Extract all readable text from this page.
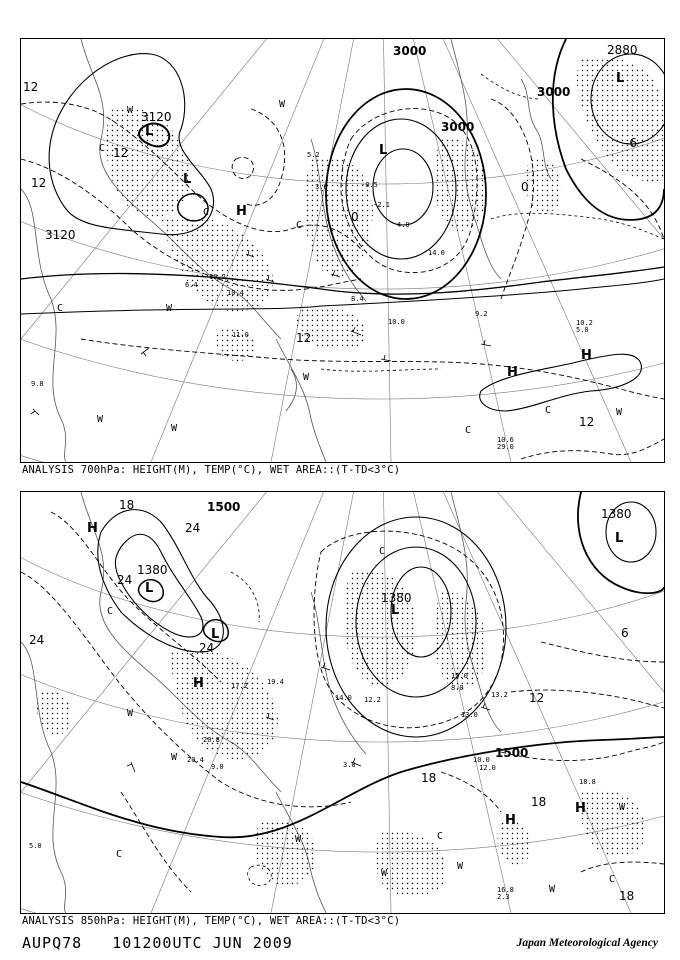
3120
3120
3000
3000
2880
3000
12
12
12
12
0
0
-6
12
L
L
L
L
H
H
H
W
W
W
W
W
W
W
C
C
C
C
C
C
5.2
3.6
-2.1
-0.5
10.2
8.4
9.2
10.2
10.0
11.0
9.8
10.6
14.0
6.4
4.0
10.4
5.0
29.0
ANALYSIS 700hPa: HEIGHT(M), TEMP(°C), WET AREA::(T-TD<3°C)
1500
1380
1380
1380
1500
18
24
24
24
24
12
6
18
18
18
L
L
L
L
H
H
H
H
W
W
W
W
W
W
W
C
C
C
C
C
17.2	19.4
20.8
14.0 12.2
13.0
16.8
18.8
20.4
15.0
8.0
10.0
13.2
2.3
5.0
9.0	3.0	12.0
ANALYSIS 850hPa: HEIGHT(M), TEMP(°C), WET AREA::(T-TD<3°C)
AUPQ78 101200UTC JUN 2009	Japan Meteorological Agency
